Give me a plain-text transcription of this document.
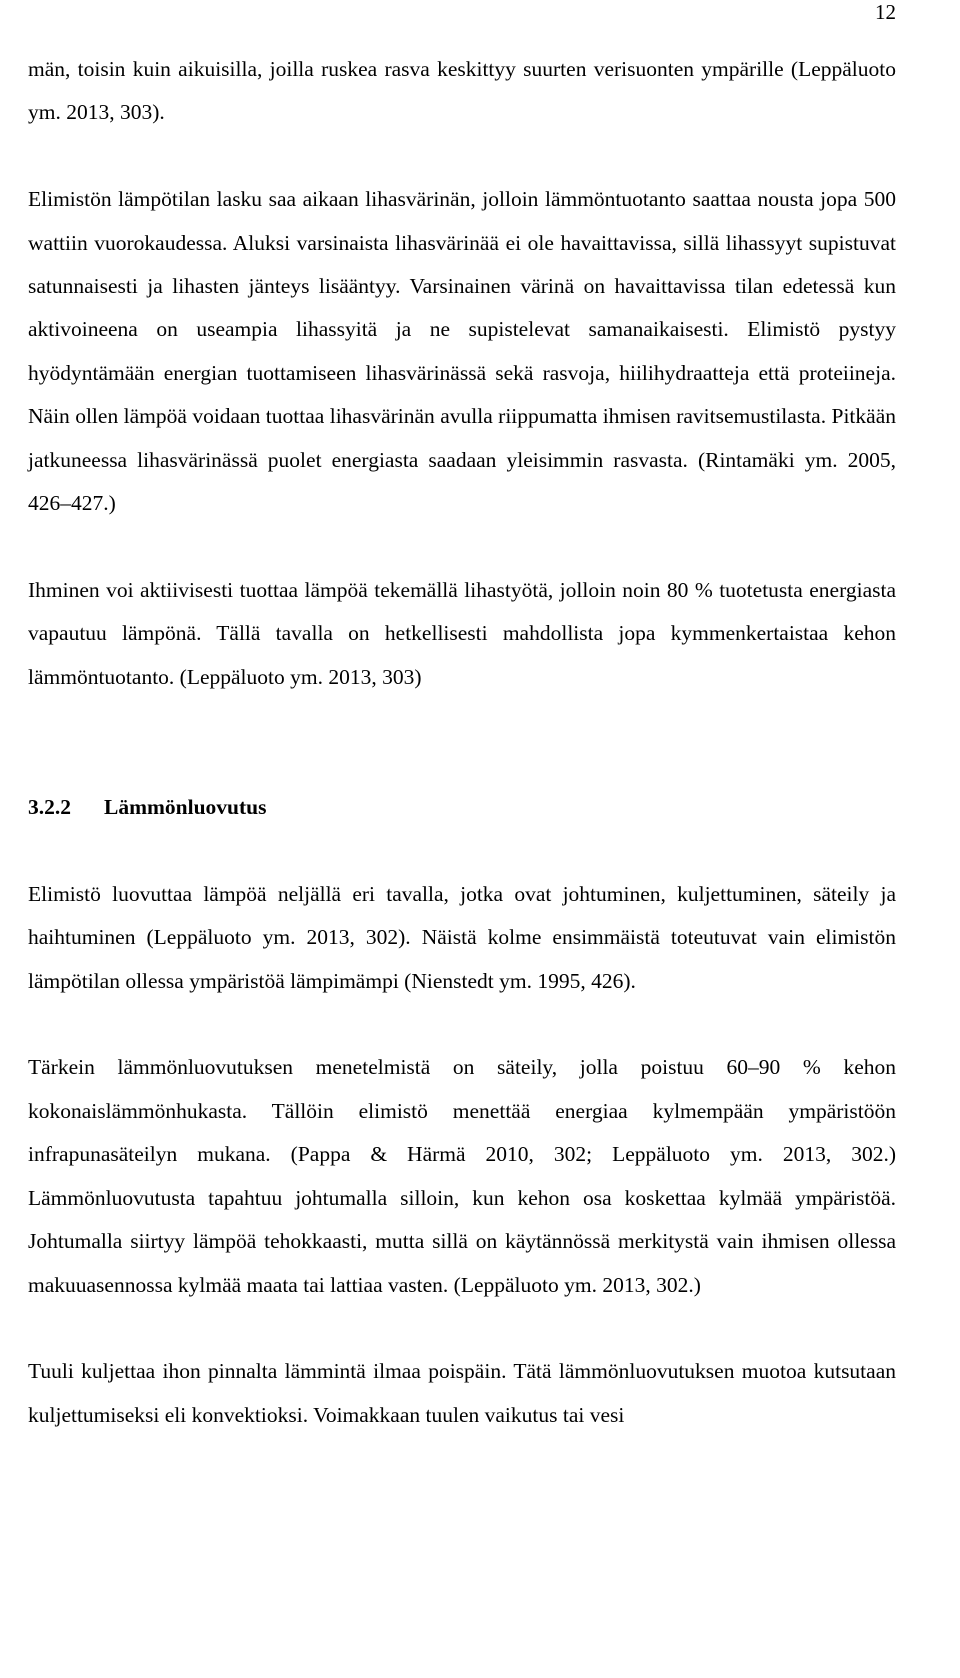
12

män, toisin kuin aikuisilla, joilla ruskea rasva keskittyy suurten verisuonten ympärille (Leppäluoto ym. 2013, 303).

Elimistön lämpötilan lasku saa aikaan lihasvärinän, jolloin lämmöntuotanto saattaa nousta jopa 500 wattiin vuorokaudessa. Aluksi varsinaista lihasvärinää ei ole havaittavissa, sillä lihassyyt supistuvat satunnaisesti ja lihasten jänteys lisääntyy. Varsinainen värinä on havaittavissa tilan edetessä kun aktivoineena on useampia lihassyitä ja ne supistelevat samanaikaisesti. Elimistö pystyy hyödyntämään energian tuottamiseen lihasvärinässä sekä rasvoja, hiilihydraatteja että proteiineja. Näin ollen lämpöä voidaan tuottaa lihasvärinän avulla riippumatta ihmisen ravitsemustilasta. Pitkään jatkuneessa lihasvärinässä puolet energiasta saadaan yleisimmin rasvasta. (Rintamäki ym. 2005, 426–427.)

Ihminen voi aktiivisesti tuottaa lämpöä tekemällä lihastyötä, jolloin noin 80 % tuotetusta energiasta vapautuu lämpönä. Tällä tavalla on hetkellisesti mahdollista jopa kymmenkertaistaa kehon lämmöntuotanto. (Leppäluoto ym. 2013, 303)

3.2.2 Lämmönluovutus

Elimistö luovuttaa lämpöä neljällä eri tavalla, jotka ovat johtuminen, kuljettuminen, säteily ja haihtuminen (Leppäluoto ym. 2013, 302). Näistä kolme ensimmäistä toteutuvat vain elimistön lämpötilan ollessa ympäristöä lämpimämpi (Nienstedt ym. 1995, 426).

Tärkein lämmönluovutuksen menetelmistä on säteily, jolla poistuu 60–90 % kehon kokonaislämmönhukasta. Tällöin elimistö menettää energiaa kylmempään ympäristöön infrapunasäteilyn mukana. (Pappa & Härmä 2010, 302; Leppäluoto ym. 2013, 302.) Lämmönluovutusta tapahtuu johtumalla silloin, kun kehon osa koskettaa kylmää ympäristöä. Johtumalla siirtyy lämpöä tehokkaasti, mutta sillä on käytännössä merkitystä vain ihmisen ollessa makuuasennossa kylmää maata tai lattiaa vasten. (Leppäluoto ym. 2013, 302.)

Tuuli kuljettaa ihon pinnalta lämmintä ilmaa poispäin. Tätä lämmönluovutuksen muotoa kutsutaan kuljettumiseksi eli konvektioksi. Voimakkaan tuulen vaikutus tai vesi
